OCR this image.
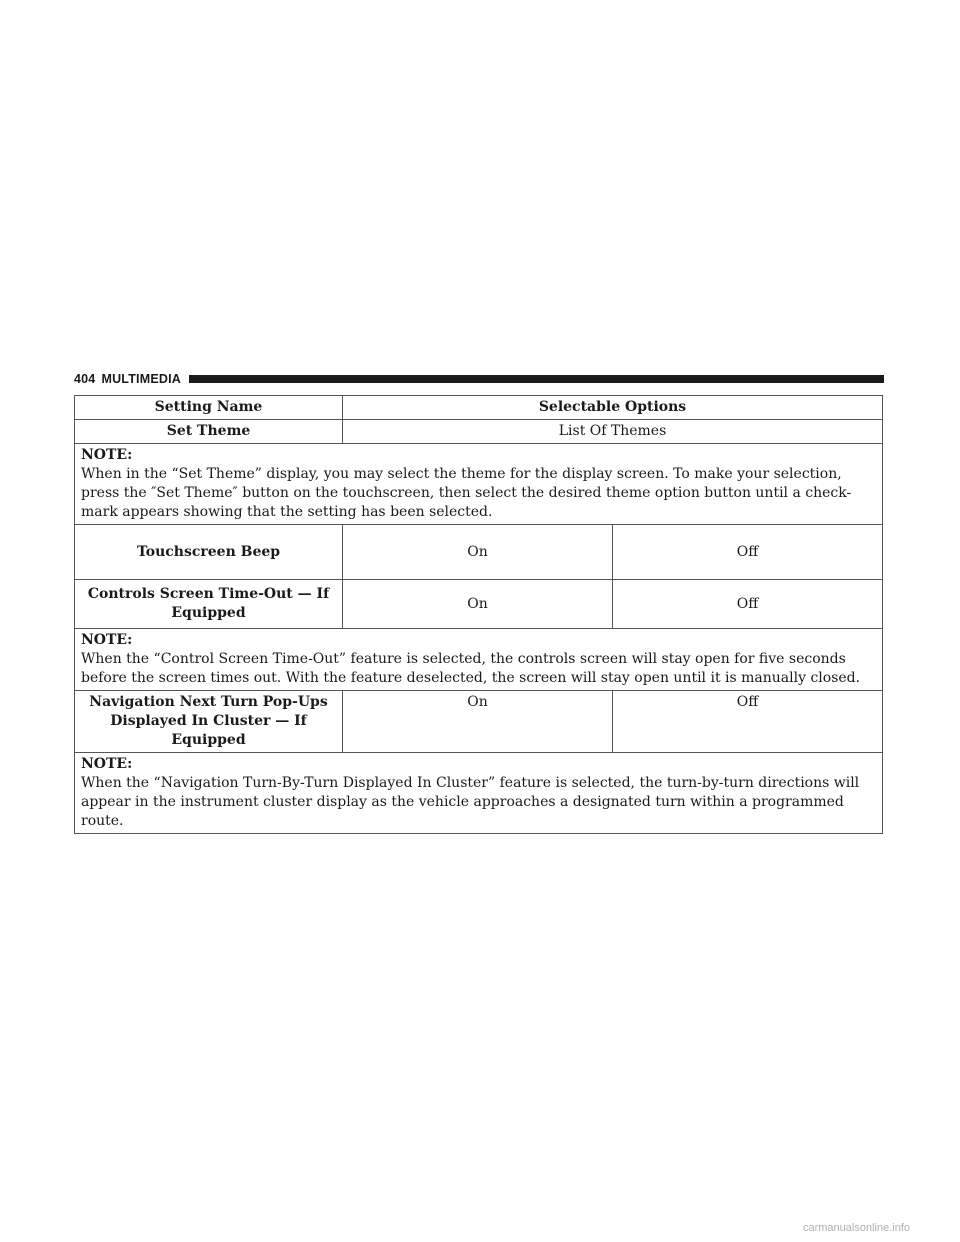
404 MULTIMEDIA
Setting Name	Selectable Options	
Set Theme	List Of Themes	

NOTE:
When in the “Set Theme” display, you may select the theme for the display screen. To make your selection, press the ″Set Theme″ button on the touchscreen, then select the desired theme option button until a check-mark appears showing that the setting has been selected.		

Touchscreen Beep	On	Off
Controls Screen Time-Out — If Equipped	On	Off

NOTE:
When the “Control Screen Time-Out” feature is selected, the controls screen will stay open for five seconds before the screen times out. With the feature deselected, the screen will stay open until it is manually closed.		

Navigation Next Turn Pop-Ups Displayed In Cluster — If Equipped	On	Off

NOTE:
When the “Navigation Turn-By-Turn Displayed In Cluster” feature is selected, the turn-by-turn directions will appear in the instrument cluster display as the vehicle approaches a designated turn within a programmed route.		
carmanualsonline.info
